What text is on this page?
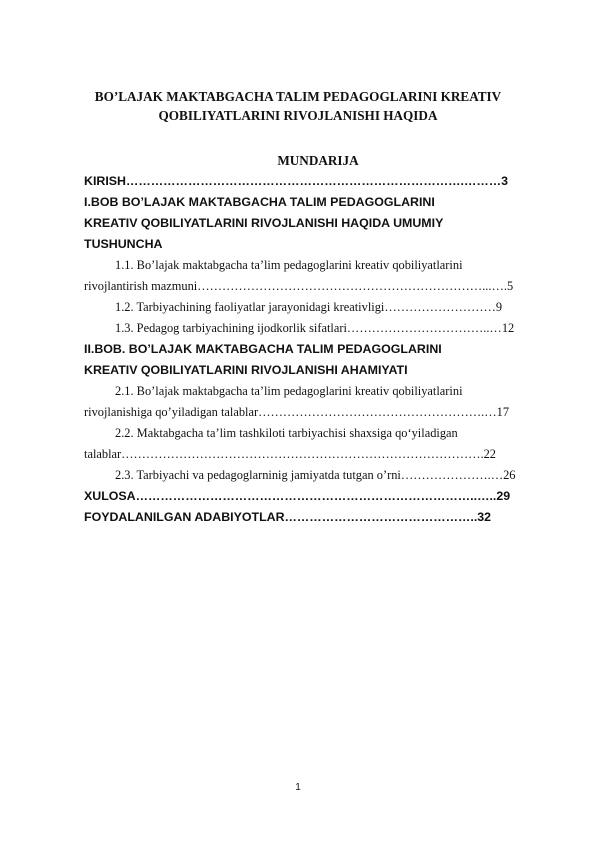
BO’LAJAK MAKTABGACHA TALIM PEDAGOGLARINI KREATIV
QOBILIYATLARINI RIVOJLANISHI HAQIDA
MUNDARIJA
KIRISH……………………………………………………………………….………3
I.BOB BO’LAJAK MAKTABGACHA TALIM PEDAGOGLARINI
KREATIV QOBILIYATLARINI RIVOJLANISHI HAQIDA UMUMIY
TUSHUNCHA
1.1. Bo’lajak maktabgacha ta’lim pedagoglarini kreativ qobiliyatlarini
rivojlantirish mazmuni……………………………………………………………...….5
1.2. Tarbiyachining faoliyatlar jarayonidagi kreativligi………………………9
1.3. Pedagog tarbiyachining ijodkorlik sifatlari……………………………..…12
II.BOB. BO’LAJAK MAKTABGACHA TALIM PEDAGOGLARINI
KREATIV QOBILIYATLARINI RIVOJLANISHI AHAMIYATI
2.1. Bo’lajak maktabgacha ta’lim pedagoglarini kreativ qobiliyatlarini
rivojlanishiga qo’yiladigan talablar……………………………………………….…17
2.2. Maktabgacha ta’lim tashkiloti tarbiyachisi shaxsiga qo‘yiladigan
talablar…………………………………………………………………………….22
2.3. Tarbiyachi va pedagoglarninig jamiyatda tutgan o’rni………………….…26
XULOSA………………………………………………………………………..…..29
FOYDALANILGAN ADABIYOTLAR………………………………………..32
1
